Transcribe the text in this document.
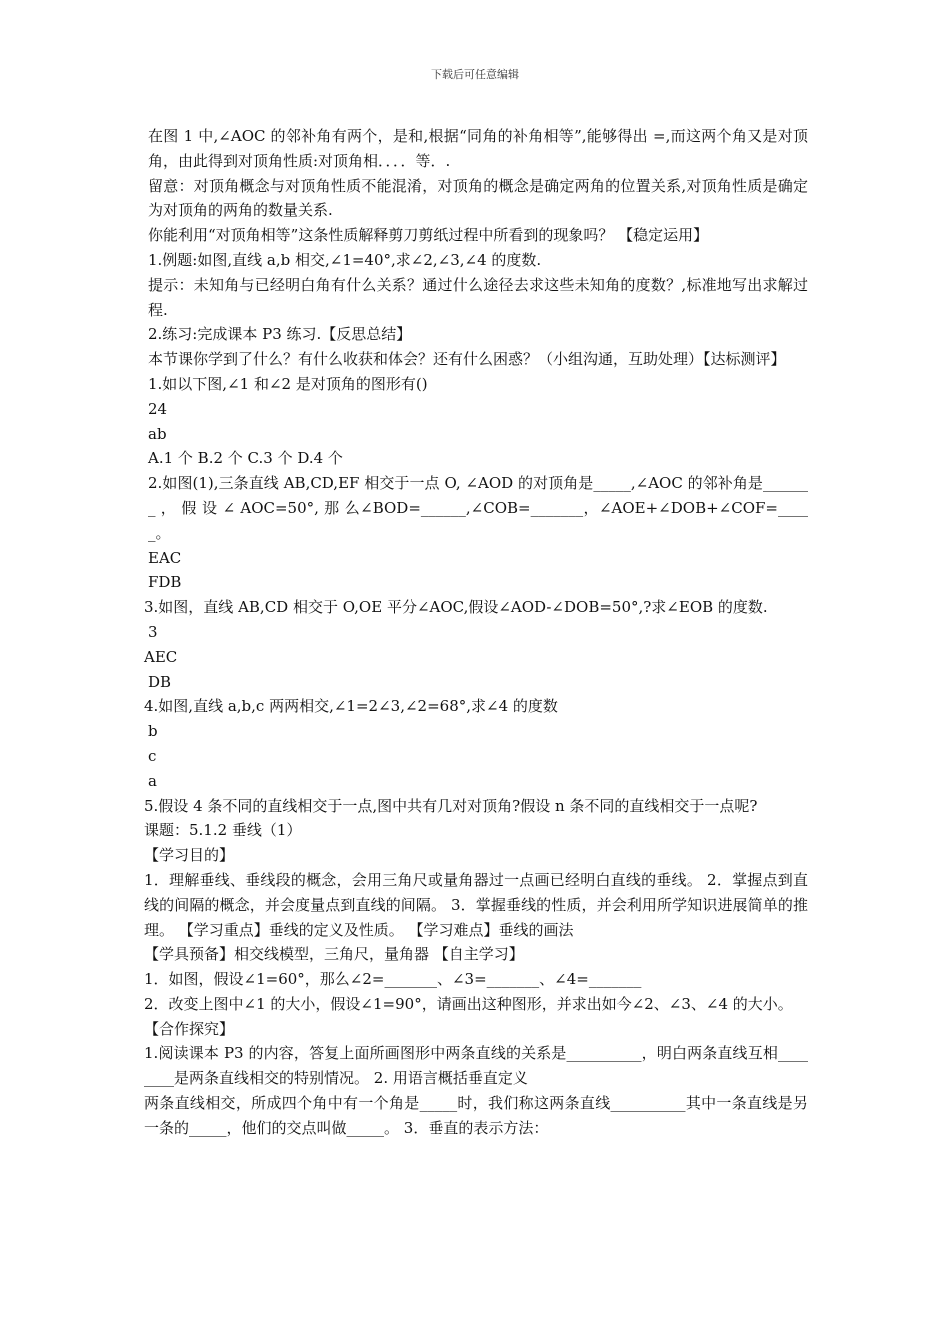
下载后可任意编辑

在图 1 中,∠AOC 的邻补角有两个，是和,根据“同角的补角相等”,能够得出 =,而这两个角又是对顶角，由此得到对顶角性质:对顶角相．．．．等．.

留意：对顶角概念与对顶角性质不能混淆，对顶角的概念是确定两角的位置关系,对顶角性质是确定为对顶角的两角的数量关系.

你能利用“对顶角相等”这条性质解释剪刀剪纸过程中所看到的现象吗？ 【稳定运用】

1.例题:如图,直线 a,b 相交,∠1=40°,求∠2,∠3,∠4 的度数.

提示：未知角与已经明白角有什么关系？通过什么途径去求这些未知角的度数？,标准地写出求解过程.

2.练习:完成课本 P3 练习.【反思总结】

本节课你学到了什么？有什么收获和体会？还有什么困惑？（小组沟通，互助处理）【达标测评】

1.如以下图,∠1 和∠2 是对顶角的图形有()

24

ab

A.1 个 B.2 个 C.3 个 D.4 个

2.如图(1),三条直线 AB,CD,EF 相交于一点 O, ∠AOD 的对顶角是_____,∠AOC 的邻补角是_______ ， 假 设 ∠ AOC=50°, 那 么∠BOD=______,∠COB=_______，∠AOE+∠DOB+∠COF=_____。

EAC

FDB

3.如图，直线 AB,CD 相交于 O,OE 平分∠AOC,假设∠AOD-∠DOB=50°,?求∠EOB 的度数.

3

AEC

DB

4.如图,直线 a,b,c 两两相交,∠1=2∠3,∠2=68°,求∠4 的度数

b

c

a

5.假设 4 条不同的直线相交于一点,图中共有几对对顶角?假设 n 条不同的直线相交于一点呢?

课题：5.1.2 垂线（1）

【学习目的】

1．理解垂线、垂线段的概念，会用三角尺或量角器过一点画已经明白直线的垂线。 2．掌握点到直线的间隔的概念，并会度量点到直线的间隔。 3．掌握垂线的性质，并会利用所学知识进展简单的推理。 【学习重点】垂线的定义及性质。 【学习难点】垂线的画法

【学具预备】相交线模型，三角尺，量角器 【自主学习】

1．如图，假设∠1=60°，那么∠2=_______、∠3=_______、∠4=_______

2．改变上图中∠1 的大小，假设∠1=90°，请画出这种图形，并求出如今∠2、∠3、∠4 的大小。

【合作探究】

1.阅读课本 P3 的内容，答复上面所画图形中两条直线的关系是__________，明白两条直线互相________是两条直线相交的特别情况。 2. 用语言概括垂直定义

两条直线相交，所成四个角中有一个角是_____时，我们称这两条直线__________其中一条直线是另一条的_____，他们的交点叫做_____。 3．垂直的表示方法：
